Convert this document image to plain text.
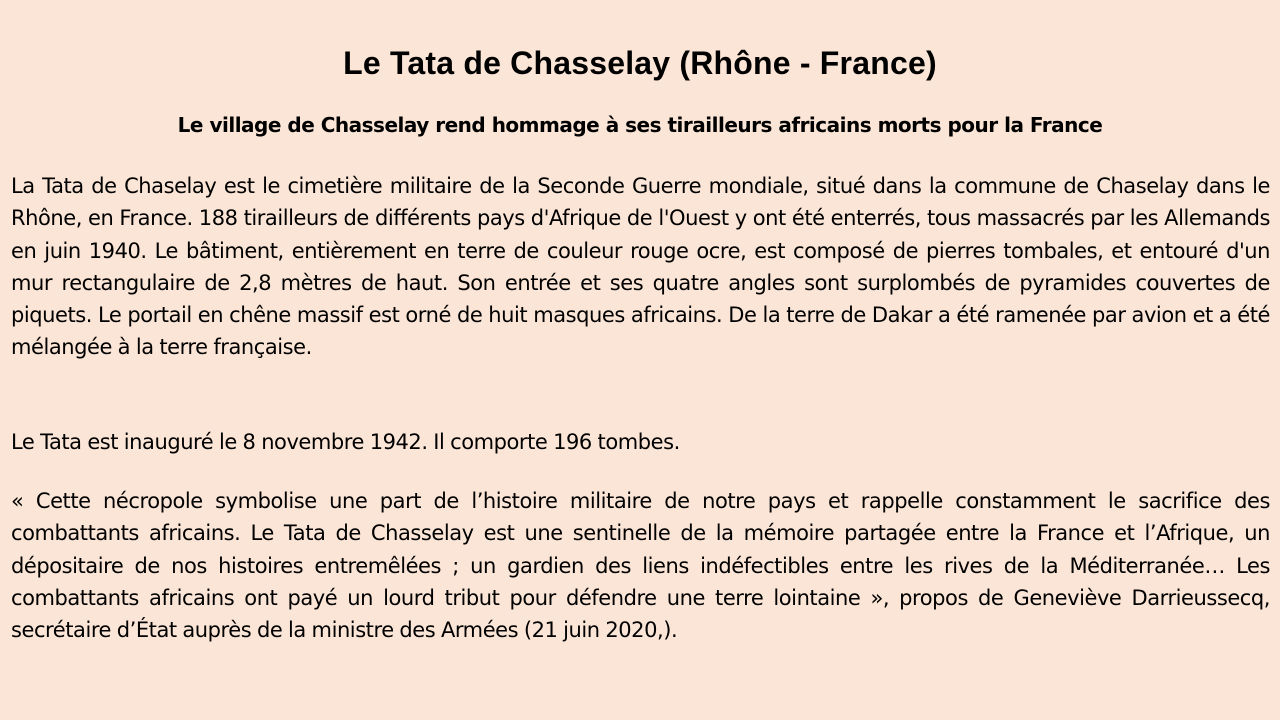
Le Tata de Chasselay (Rhône - France)
Le village de Chasselay rend hommage à ses tirailleurs africains morts pour la France

La Tata de Chaselay est le cimetière militaire de la Seconde Guerre mondiale, situé dans la commune de Chaselay dans le Rhône, en France. 188 tirailleurs de différents pays d'Afrique de l'Ouest y ont été enterrés, tous massacrés par les Allemands en juin 1940. Le bâtiment, entièrement en terre de couleur rouge ocre, est composé de pierres tombales, et entouré d'un mur rectangulaire de 2,8 mètres de haut. Son entrée et ses quatre angles sont surplombés de pyramides couvertes de piquets. Le portail en chêne massif est orné de huit masques africains. De la terre de Dakar a été ramenée par avion et a été mélangée à la terre française.

Le Tata est inauguré le 8 novembre 1942. Il comporte 196 tombes.

« Cette nécropole symbolise une part de l’histoire militaire de notre pays et rappelle constamment le sacrifice des combattants africains. Le Tata de Chasselay est une sentinelle de la mémoire partagée entre la France et l’Afrique, un dépositaire de nos histoires entremêlées ; un gardien des liens indéfectibles entre les rives de la Méditerranée… Les combattants africains ont payé un lourd tribut pour défendre une terre lointaine », propos de Geneviève Darrieussecq, secrétaire d’État auprès de la ministre des Armées (21 juin 2020,).
